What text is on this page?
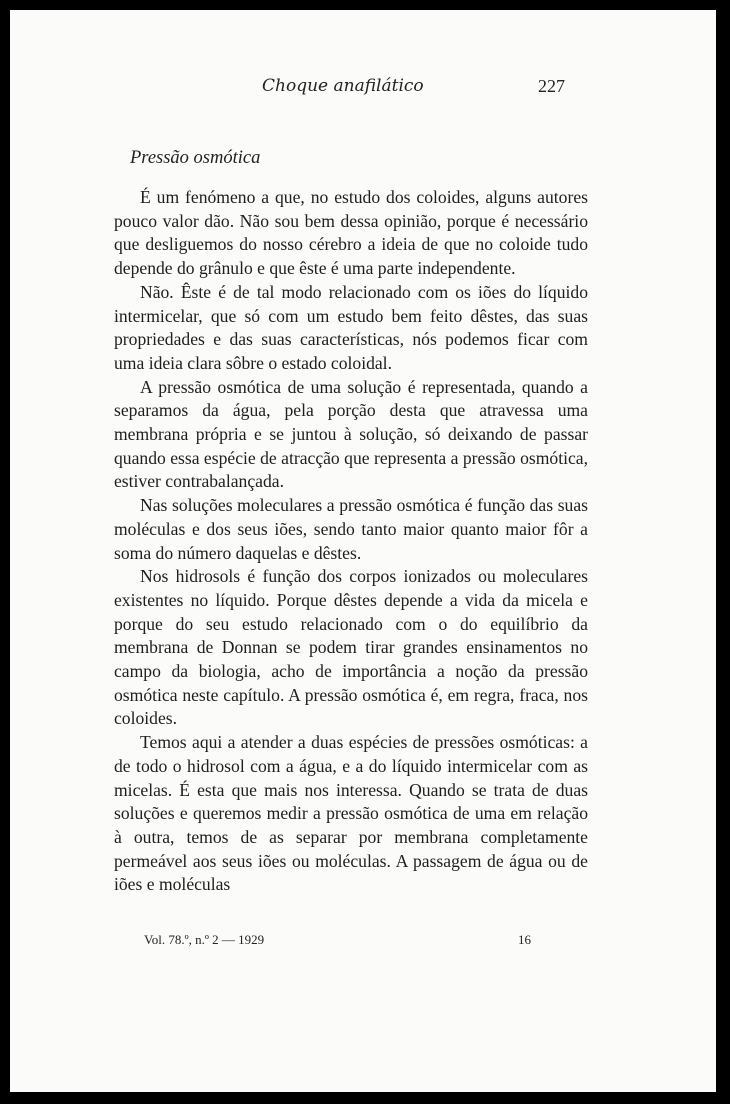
Choque anafilático	227
Pressão osmótica

É um fenómeno a que, no estudo dos coloides, alguns autores pouco valor dão. Não sou bem dessa opinião, porque é necessário que desliguemos do nosso cérebro a ideia de que no coloide tudo depende do grânulo e que êste é uma parte independente.

Não. Êste é de tal modo relacionado com os iões do líquido intermicelar, que só com um estudo bem feito dêstes, das suas propriedades e das suas características, nós podemos ficar com uma ideia clara sôbre o estado coloidal.

A pressão osmótica de uma solução é representada, quando a separamos da água, pela porção desta que atravessa uma membrana própria e se juntou à solução, só deixando de passar quando essa espécie de atracção que representa a pressão osmótica, estiver contrabalançada.

Nas soluções moleculares a pressão osmótica é função das suas moléculas e dos seus iões, sendo tanto maior quanto maior fôr a soma do número daquelas e dêstes.

Nos hidrosols é função dos corpos ionizados ou moleculares existentes no líquido. Porque dêstes depende a vida da micela e porque do seu estudo relacionado com o do equilíbrio da membrana de Donnan se podem tirar grandes ensinamentos no campo da biologia, acho de importância a noção da pressão osmótica neste capítulo. A pressão osmótica é, em regra, fraca, nos coloides.

Temos aqui a atender a duas espécies de pressões osmóticas: a de todo o hidrosol com a água, e a do líquido intermicelar com as micelas. É esta que mais nos interessa. Quando se trata de duas soluções e queremos medir a pressão osmótica de uma em relação à outra, temos de as separar por membrana completamente permeável aos seus iões ou moléculas. A passagem de água ou de iões e moléculas

Vol. 78.º, n.º 2 — 1929	16
